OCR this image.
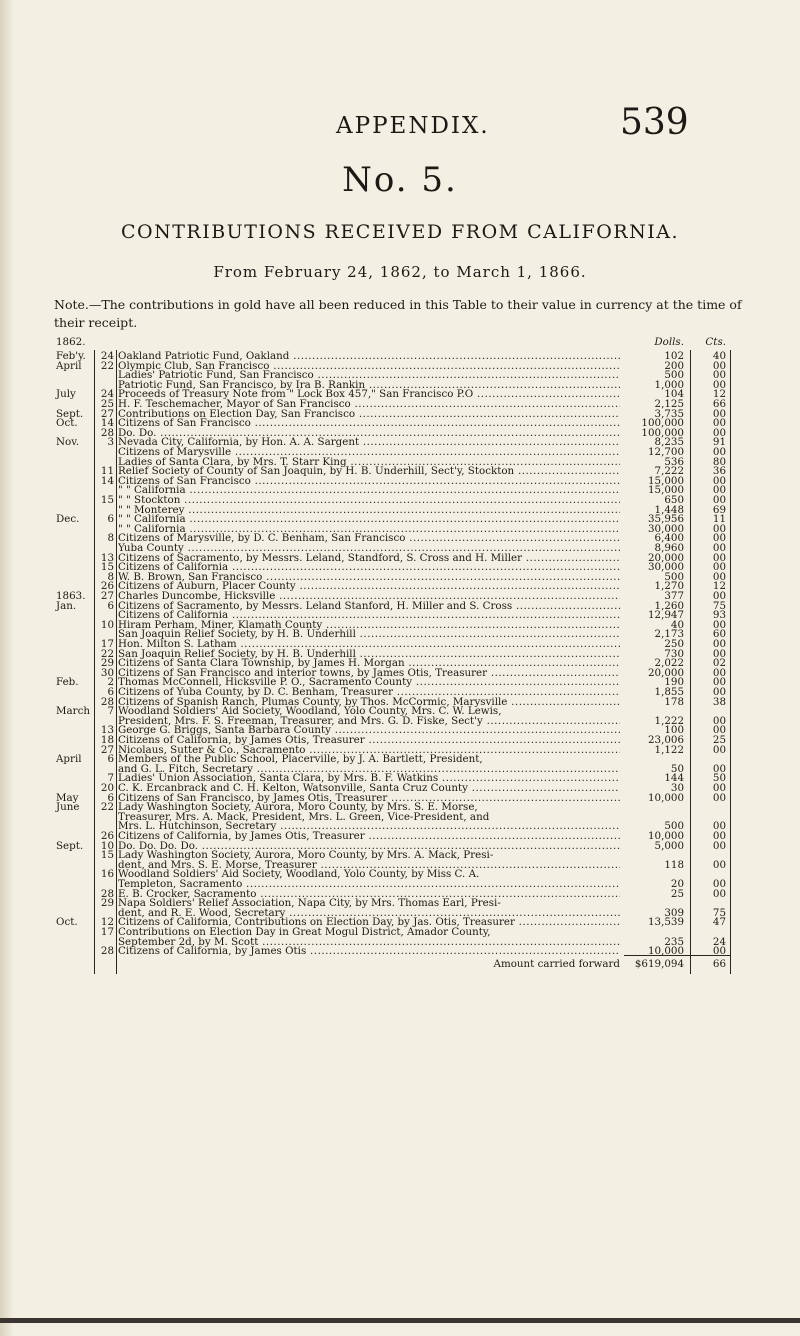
APPENDIX.	539
No. 5.
CONTRIBUTIONS RECEIVED FROM CALIFORNIA.
From February 24, 1862, to March 1, 1866.
Note.—The contributions in gold have all been reduced in this Table to their value in currency at the time of their receipt.
1862.	Dolls.	Cts.
Feb'y.	24 Oakland Patriotic Fund, Oakland .....	102	40
April	22 Olympic Club, San Francisco .....	200	00
Ladies' Patriotic Fund, San Francisco .....	500	00
Patriotic Fund, San Francisco, by Ira B. Rankin .....	1,000	00
July	24 Proceeds of Treasury Note from " Lock Box 457," San Francisco P.O .....	104	12
25 H. F. Teschemacher, Mayor of San Francisco .....	2,125	66
Sept.	27 Contributions on Election Day, San Francisco .....	3,735	00
Oct.	14 Citizens of San Francisco .....	100,000	00
28 Do. Do. .....	100,000	00
Nov.	3 Nevada City, California, by Hon. A. A. Sargent .....	8,235	91
Citizens of Marysville .....	12,700	00
Ladies of Santa Clara, by Mrs. T. Starr King .....	536	80
11 Relief Society of County of San Joaquin, by H. B. Underhill, Sect'y, Stockton .....	7,222	36
14 Citizens of San Francisco .....	15,000	00
" " California .....	15,000	00
15 " " Stockton .....	650	00
" " Monterey .....	1,448	69
Dec.	6 " " California .....	35,956	11
" " California .....	30,000	00
8 Citizens of Marysville, by D. C. Benham, San Francisco .....	6,400	00
Yuba County .....	8,960	00
13 Citizens of Sacramento, by Messrs. Leland, Standford, S. Cross and H. Miller .....	20,000	00
15 Citizens of California .....	30,000	00
8 W. B. Brown, San Francisco .....	500	00
26 Citizens of Auburn, Placer County .....	1,270	12
1863.	27 Charles Duncombe, Hicksville .....	377	00
Jan.	6 Citizens of Sacramento, by Messrs. Leland Stanford, H. Miller and S. Cross .....	1,260	75
Citizens of California .....	12,947	93
10 Hiram Perham, Miner, Klamath County .....	40	00
San Joaquin Relief Society, by H. B. Underhill .....	2,173	60
17 Hon. Milton S. Latham .....	250	00
22 San Joaquin Relief Society, by H. B. Underhill .....	730	00
29 Citizens of Santa Clara Township, by James H. Morgan .....	2,022	02
30 Citizens of San Francisco and interior towns, by James Otis, Treasurer .....	20,000	00
Feb.	2 Thomas McConnell, Hicksville P. O., Sacramento County .....	190	00
6 Citizens of Yuba County, by D. C. Benham, Treasurer .....	1,855	00
28 Citizens of Spanish Ranch, Plumas County, by Thos. McCormic, Marysville .....	178	38
March	7 Woodland Soldiers' Aid Society, Woodland, Yolo County, Mrs. C. W. Lewis,
President, Mrs. F. S. Freeman, Treasurer, and Mrs. G. D. Fiske, Sect'y .....	1,222	00
13 George G. Briggs, Santa Barbara County .....	100	00
18 Citizens of California, by James Otis, Treasurer .....	23,006	25
27 Nicolaus, Sutter & Co., Sacramento .....	1,122	00
April	6 Members of the Public School, Placerville, by J. A. Bartlett, President,
and G. L. Fitch, Secretary .....	50	00
7 Ladies' Union Association, Santa Clara, by Mrs. B. F. Watkins .....	144	50
20 C. K. Ercanbrack and C. H. Kelton, Watsonville, Santa Cruz County .....	30	00
May	6 Citizens of San Francisco, by James Otis, Treasurer .....	10,000	00
June	22 Lady Washington Society, Aurora, Moro County, by Mrs. S. E. Morse,
Treasurer, Mrs. A. Mack, President, Mrs. L. Green, Vice-President, and
Mrs. L. Hutchinson, Secretary .....	500	00
26 Citizens of California, by James Otis, Treasurer .....	10,000	00
Sept.	10 Do. Do. Do. Do. .....	5,000	00
15 Lady Washington Society, Aurora, Moro County, by Mrs. A. Mack, Presi-
dent, and Mrs. S. E. Morse, Treasurer .....	118	00
16 Woodland Soldiers' Aid Society, Woodland, Yolo County, by Miss C. A.
Templeton, Sacramento .....	20	00
28 E. B. Crocker, Sacramento .....	25	00
29 Napa Soldiers' Relief Association, Napa City, by Mrs. Thomas Earl, Presi-
dent, and R. E. Wood, Secretary .....	309	75
Oct.	12 Citizens of California, Contributions on Election Day, by Jas. Otis, Treasurer .....	13,539	47
17 Contributions on Election Day in Great Mogul District, Amador County,
September 2d, by M. Scott .....	235	24
28 Citizens of California, by James Otis .....	10,000	00
Amount carried forward	$619,094	66
